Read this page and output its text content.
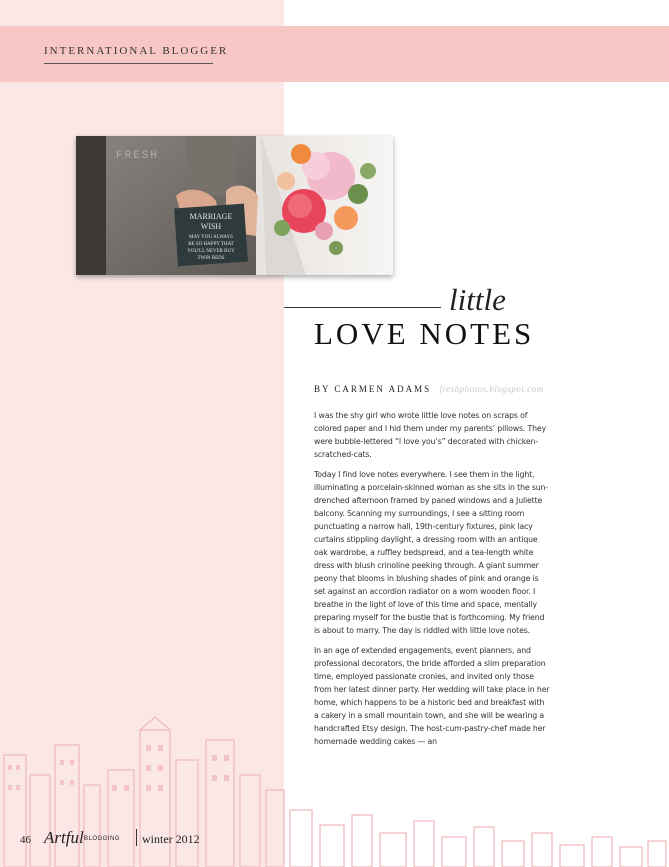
INTERNATIONAL BLOGGER
FRESH
MARRIAGE
WISH
MAY YOU ALWAYS
BE SO HAPPY THAT
YOU'LL NEVER BUY
TWIN BEDS
little
LOVE NOTES
BY CARMEN ADAMS freshphotos.blogspot.com

I was the shy girl who wrote little love notes on scraps of colored paper and I hid them under my parents’ pillows. They were bubble-lettered “I love you’s” decorated with chicken-scratched-cats.

Today I find love notes everywhere. I see them in the light, illuminating a porcelain-skinned woman as she sits in the sun-drenched afternoon framed by paned windows and a Juliette balcony. Scanning my surroundings, I see a sitting room punctuating a narrow hall, 19th-century fixtures, pink lacy curtains stippling daylight, a dressing room with an antique oak wardrobe, a ruffley bedspread, and a tea-length white dress with blush crinoline peeking through. A giant summer peony that blooms in blushing shades of pink and orange is set against an accordion radiator on a worn wooden floor. I breathe in the light of love of this time and space, mentally preparing myself for the bustle that is forthcoming. My friend is about to marry. The day is riddled with little love notes.

In an age of extended engagements, event planners, and professional decorators, the bride afforded a slim preparation time, employed passionate cronies, and invited only those from her latest dinner party. Her wedding will take place in her home, which happens to be a historic bed and breakfast with a cakery in a small mountain town, and she will be wearing a handcrafted Etsy design. The host-cum-pastry-chef made her homemade wedding cakes — an

46 Artful BLOGGING winter 2012
